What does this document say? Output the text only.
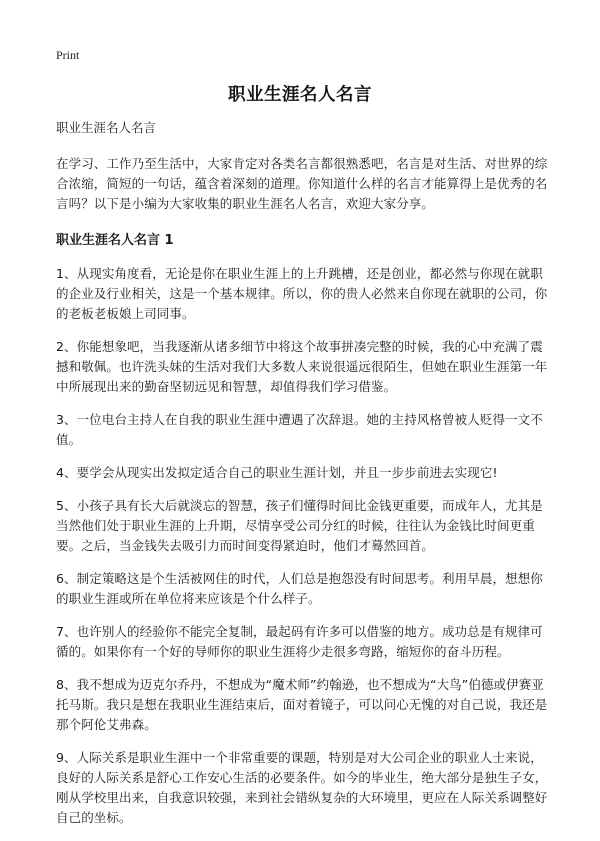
Print
职业生涯名人名言

职业生涯名人名言

在学习、工作乃至生活中，大家肯定对各类名言都很熟悉吧，名言是对生活、对世界的综合浓缩，简短的一句话，蕴含着深刻的道理。你知道什么样的名言才能算得上是优秀的名言吗？以下是小编为大家收集的职业生涯名人名言，欢迎大家分享。

职业生涯名人名言 1

1、从现实角度看，无论是你在职业生涯上的上升跳槽，还是创业，都必然与你现在就职的企业及行业相关，这是一个基本规律。所以，你的贵人必然来自你现在就职的公司，你的老板老板娘上司同事。

2、你能想象吧，当我逐渐从诸多细节中将这个故事拼凑完整的时候，我的心中充满了震撼和敬佩。也许洗头妹的生活对我们大多数人来说很遥远很陌生，但她在职业生涯第一年中所展现出来的勤奋坚韧远见和智慧，却值得我们学习借鉴。

3、一位电台主持人在自我的职业生涯中遭遇了次辞退。她的主持风格曾被人贬得一文不值。

4、要学会从现实出发拟定适合自己的职业生涯计划，并且一步步前进去实现它!

5、小孩子具有长大后就淡忘的智慧，孩子们懂得时间比金钱更重要，而成年人，尤其是当然他们处于职业生涯的上升期，尽情享受公司分红的时候，往往认为金钱比时间更重要。之后，当金钱失去吸引力而时间变得紧迫时，他们才蓦然回首。

6、制定策略这是个生活被网住的时代，人们总是抱怨没有时间思考。利用早晨，想想你的职业生涯或所在单位将来应该是个什么样子。

7、也许别人的经验你不能完全复制，最起码有许多可以借鉴的地方。成功总是有规律可循的。如果你有一个好的导师你的职业生涯将少走很多弯路，缩短你的奋斗历程。

8、我不想成为迈克尔乔丹，不想成为“魔术师”约翰逊，也不想成为“大鸟”伯德或伊赛亚托马斯。我只是想在我职业生涯结束后，面对着镜子，可以问心无愧的对自己说，我还是那个阿伦艾弗森。

9、人际关系是职业生涯中一个非常重要的课题，特别是对大公司企业的职业人士来说，良好的人际关系是舒心工作安心生活的必要条件。如今的毕业生，绝大部分是独生子女，刚从学校里出来，自我意识较强，来到社会错纵复杂的大环境里，更应在人际关系调整好自己的坐标。
